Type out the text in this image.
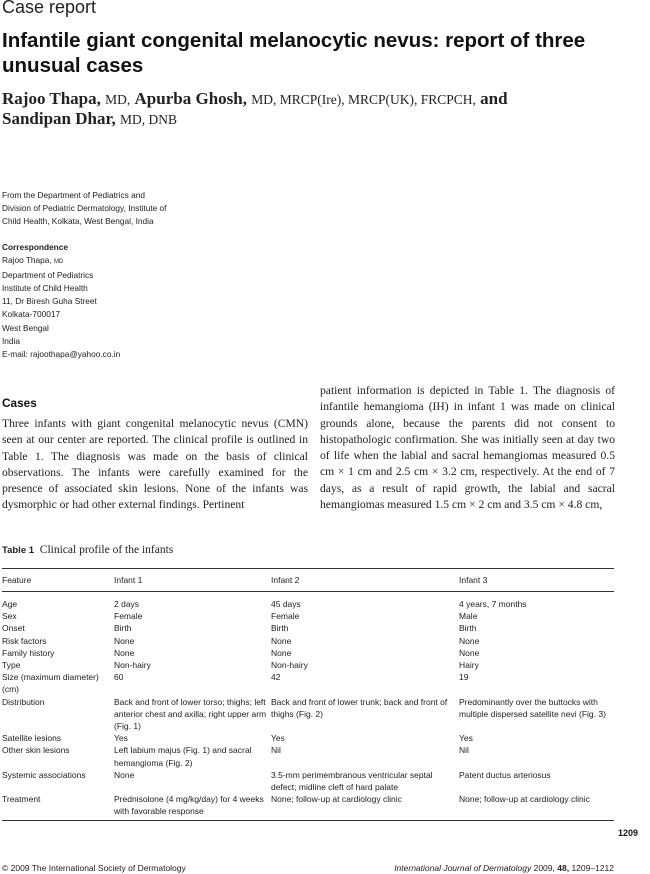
Case report
Infantile giant congenital melanocytic nevus: report of three
unusual cases
Rajoo Thapa, MD, Apurba Ghosh, MD, MRCP(Ire), MRCP(UK), FRCPCH, and
Sandipan Dhar, MD, DNB
From the Department of Pediatrics and
Division of Pediatric Dermatology, Institute of
Child Health, Kolkata, West Bengal, India
Correspondence
Rajoo Thapa, MD
Department of Pediatrics
Institute of Child Health
11, Dr Biresh Guha Street
Kolkata-700017
West Bengal
India
E-mail: rajoothapa@yahoo.co.in
Cases
Three infants with giant congenital melanocytic nevus (CMN) seen at our center are reported. The clinical profile is outlined in Table 1. The diagnosis was made on the basis of clinical observations. The infants were carefully examined for the presence of associated skin lesions. None of the infants was dysmorphic or had other external findings. Pertinent
patient information is depicted in Table 1. The diagnosis of infantile hemangioma (IH) in infant 1 was made on clinical grounds alone, because the parents did not consent to histopathologic confirmation. She was initially seen at day two of life when the labial and sacral hemangiomas measured 0.5 cm × 1 cm and 2.5 cm × 3.2 cm, respectively. At the end of 7 days, as a result of rapid growth, the labial and sacral hemangiomas measured 1.5 cm × 2 cm and 3.5 cm × 4.8 cm,
Table 1 Clinical profile of the infants
Feature	Infant 1	Infant 2	Infant 3
Age	2 days	45 days	4 years, 7 months
Sex	Female	Female	Male
Onset	Birth	Birth	Birth
Risk factors	None	None	None
Family history	None	None	None
Type	Non-hairy	Non-hairy	Hairy
Size (maximum diameter) (cm)	60	42	19
Distribution	Back and front of lower torso; thighs; left anterior chest and axilla; right upper arm (Fig. 1)	Back and front of lower trunk; back and front of thighs (Fig. 2)	Predominantly over the buttocks with multiple dispersed satellite nevi (Fig. 3)
Satellite lesions	Yes	Yes	Yes
Other skin lesions	Left labium majus (Fig. 1) and sacral hemangioma (Fig. 2)	Nil	Nil
Systemic associations	None	3.5-mm perimembranous ventricular septal defect; midline cleft of hard palate	Patent ductus arteriosus
Treatment	Prednisolone (4 mg/kg/day) for 4 weeks with favorable response	None; follow-up at cardiology clinic	None; follow-up at cardiology clinic
1209
© 2009 The International Society of Dermatology	International Journal of Dermatology 2009, 48, 1209–1212
